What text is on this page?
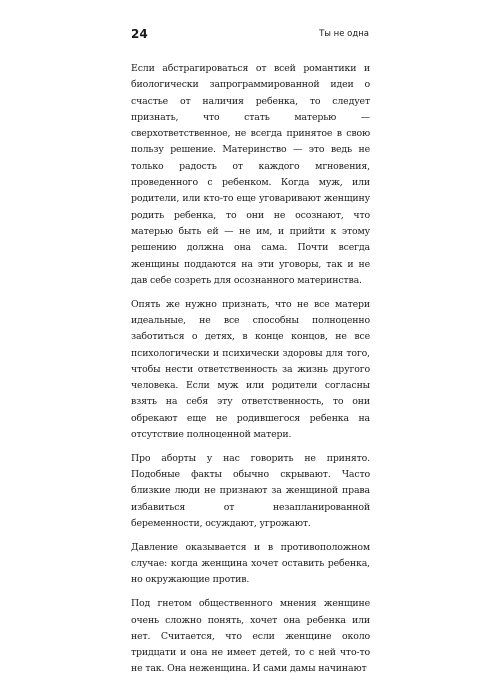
24	Ты не одна

Если абстрагироваться от всей романтики и биологически запрограммированной идеи о счастье от наличия ребенка, то следует признать, что стать матерью — сверхответственное, не всегда принятое в свою пользу решение. Материнство — это ведь не только радость от каждого мгновения, проведенного с ребенком. Когда муж, или родители, или кто-то еще уговаривают женщину родить ребенка, то они не осознают, что матерью быть ей — не им, и прийти к этому решению должна она сама. Почти всегда женщины поддаются на эти уговоры, так и не дав себе созреть для осознанного материнства.

Опять же нужно признать, что не все матери идеальные, не все способны полноценно заботиться о детях, в конце концов, не все психологически и психически здоровы для того, чтобы нести ответственность за жизнь другого человека. Если муж или родители согласны взять на себя эту ответственность, то они обрекают еще не родившегося ребенка на отсутствие полноценной матери.

Про аборты у нас говорить не принято. Подобные факты обычно скрывают. Часто близкие люди не признают за женщиной права избавиться от незапланированной беременности, осуждают, угрожают.

Давление оказывается и в противоположном случае: когда женщина хочет оставить ребенка, но окружающие против.

Под гнетом общественного мнения женщине очень сложно понять, хочет она ребенка или нет. Считается, что если женщине около тридцати и она не имеет детей, то с ней что-то не так. Она неженщина. И сами дамы начинают
